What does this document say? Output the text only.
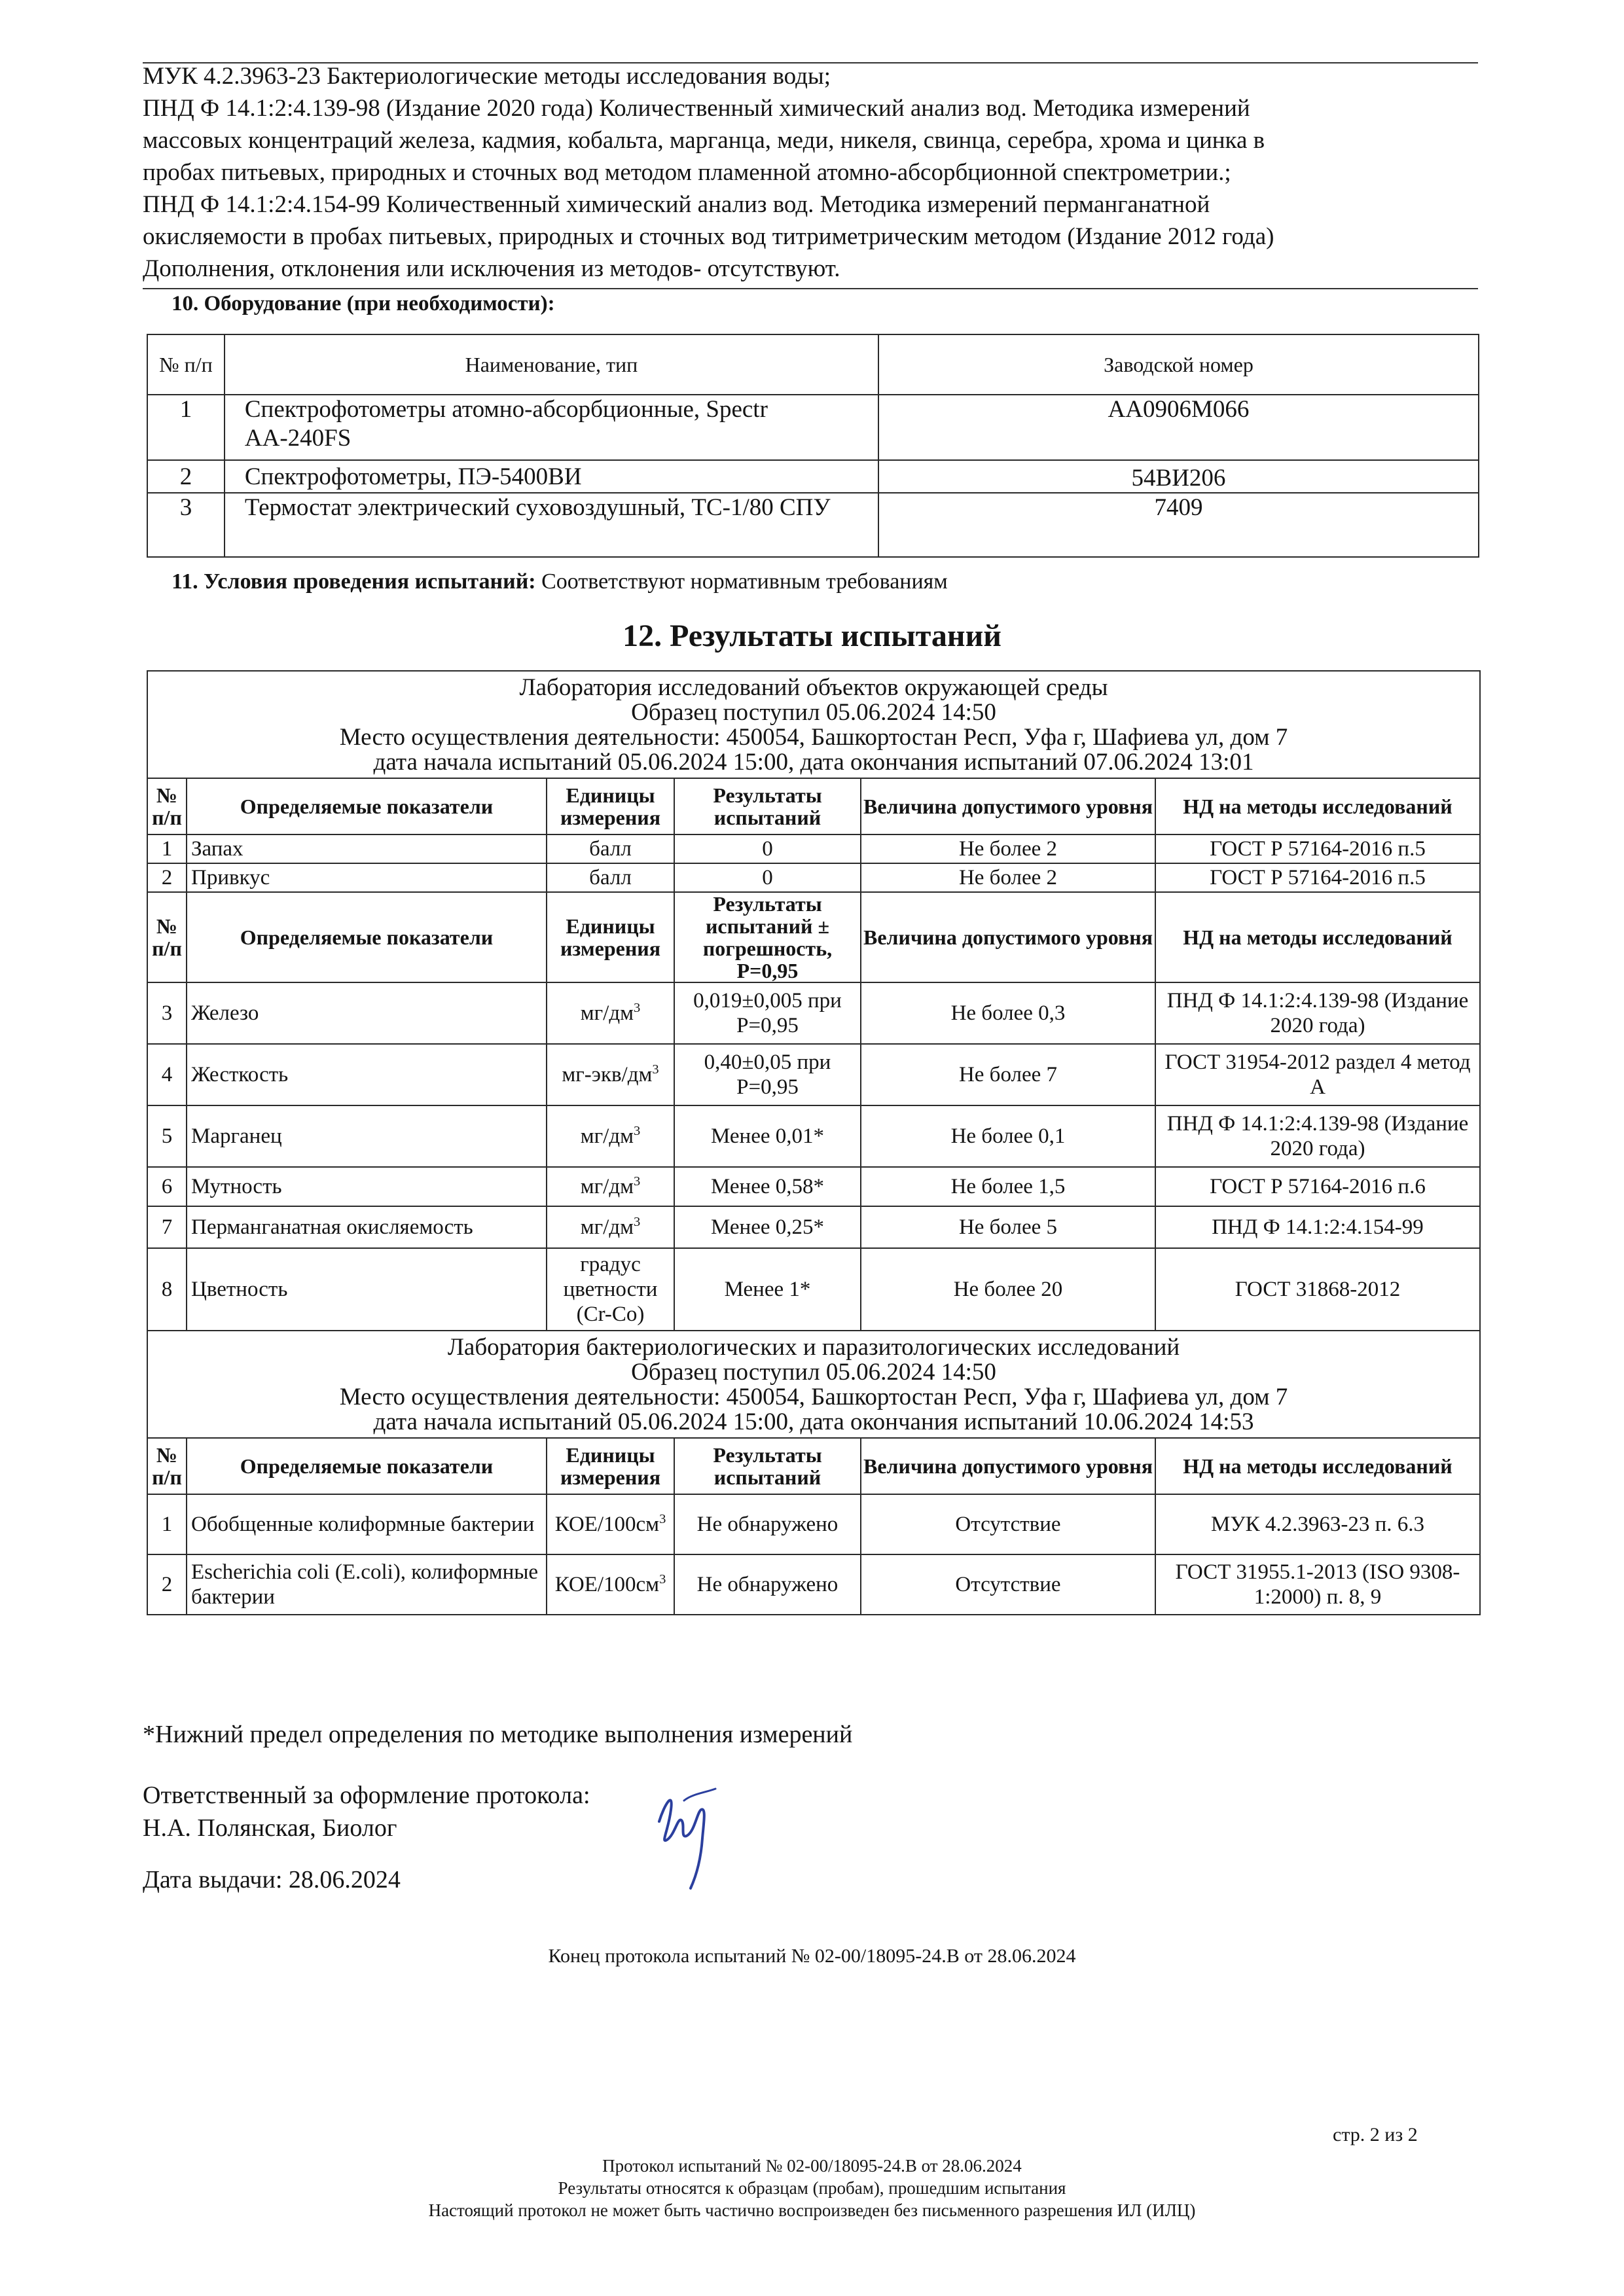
МУК 4.2.3963-23 Бактериологические методы исследования воды;
ПНД Ф 14.1:2:4.139-98 (Издание 2020 года) Количественный химический анализ вод. Методика измерений
массовых концентраций железа, кадмия, кобальта, марганца, меди, никеля, свинца, серебра, хрома и цинка в
пробах питьевых, природных и сточных вод методом пламенной атомно-абсорбционной спектрометрии.;
ПНД Ф 14.1:2:4.154-99 Количественный химический анализ вод. Методика измерений перманганатной
окисляемости в пробах питьевых, природных и сточных вод титриметрическим методом (Издание 2012 года)
Дополнения, отклонения или исключения из методов- отсутствуют.
10. Оборудование (при необходимости):
№ п/п	Наименование, тип	Заводской номер
1	Спектрофотометры атомно-абсорбционные, Spectr АА-240FS	АА0906М066
2	Спектрофотометры, ПЭ-5400ВИ	54ВИ206
3	Термостат электрический суховоздушный, ТС-1/80 СПУ	7409
11. Условия проведения испытаний: Соответствуют нормативным требованиям
12. Результаты испытаний
Лаборатория исследований объектов окружающей среды
Образец поступил 05.06.2024 14:50
Место осуществления деятельности: 450054, Башкортостан Респ, Уфа г, Шафиева ул, дом 7
дата начала испытаний 05.06.2024 15:00, дата окончания испытаний 07.06.2024 13:01					

№ п/п	Определяемые показатели	Единицы измерения	Результаты испытаний	Величина допустимого уровня	НД на методы исследований
1	Запах	балл	0	Не более 2	ГОСТ Р 57164-2016 п.5
2	Привкус	балл	0	Не более 2	ГОСТ Р 57164-2016 п.5
№ п/п	Определяемые показатели	Единицы измерения	Результаты испытаний ± погрешность, Р=0,95	Величина допустимого уровня	НД на методы исследований
3	Железо	$мг/дм^3$	0,019±0,005 при Р=0,95	Не более 0,3	ПНД Ф 14.1:2:4.139-98 (Издание 2020 года)
4	Жесткость	$мг-экв/дм^3$	0,40±0,05 при Р=0,95	Не более 7	ГОСТ 31954-2012 раздел 4 метод А
5	Марганец	$мг/дм^3$	Менее 0,01*	Не более 0,1	ПНД Ф 14.1:2:4.139-98 (Издание 2020 года)
6	Мутность	$мг/дм^3$	Менее 0,58*	Не более 1,5	ГОСТ Р 57164-2016 п.6
7	Перманганатная окисляемость	$мг/дм^3$	Менее 0,25*	Не более 5	ПНД Ф 14.1:2:4.154-99
8	Цветность	градус цветности (Cr-Co)	Менее 1*	Не более 20	ГОСТ 31868-2012

Лаборатория бактериологических и паразитологических исследований
Образец поступил 05.06.2024 14:50
Место осуществления деятельности: 450054, Башкортостан Респ, Уфа г, Шафиева ул, дом 7
дата начала испытаний 05.06.2024 15:00, дата окончания испытаний 10.06.2024 14:53					

№ п/п	Определяемые показатели	Единицы измерения	Результаты испытаний	Величина допустимого уровня	НД на методы исследований
1	Обобщенные колиформные бактерии	КОЕ/$100см^3$	Не обнаружено	Отсутствие	МУК 4.2.3963-23 п. 6.3
2	Escherichia coli (E.coli), колиформные бактерии	КОЕ/$100см^3$	Не обнаружено	Отсутствие	ГОСТ 31955.1-2013 (ISO 9308-1:2000) п. 8, 9
*Нижний предел определения по методике выполнения измерений
Ответственный за оформление протокола:
Н.А. Полянская, Биолог
Дата выдачи: 28.06.2024
Конец протокола испытаний № 02-00/18095-24.В от 28.06.2024
стр. 2 из 2
Протокол испытаний № 02-00/18095-24.В от 28.06.2024
Результаты относятся к образцам (пробам), прошедшим испытания
Настоящий протокол не может быть частично воспроизведен без письменного разрешения ИЛ (ИЛЦ)
